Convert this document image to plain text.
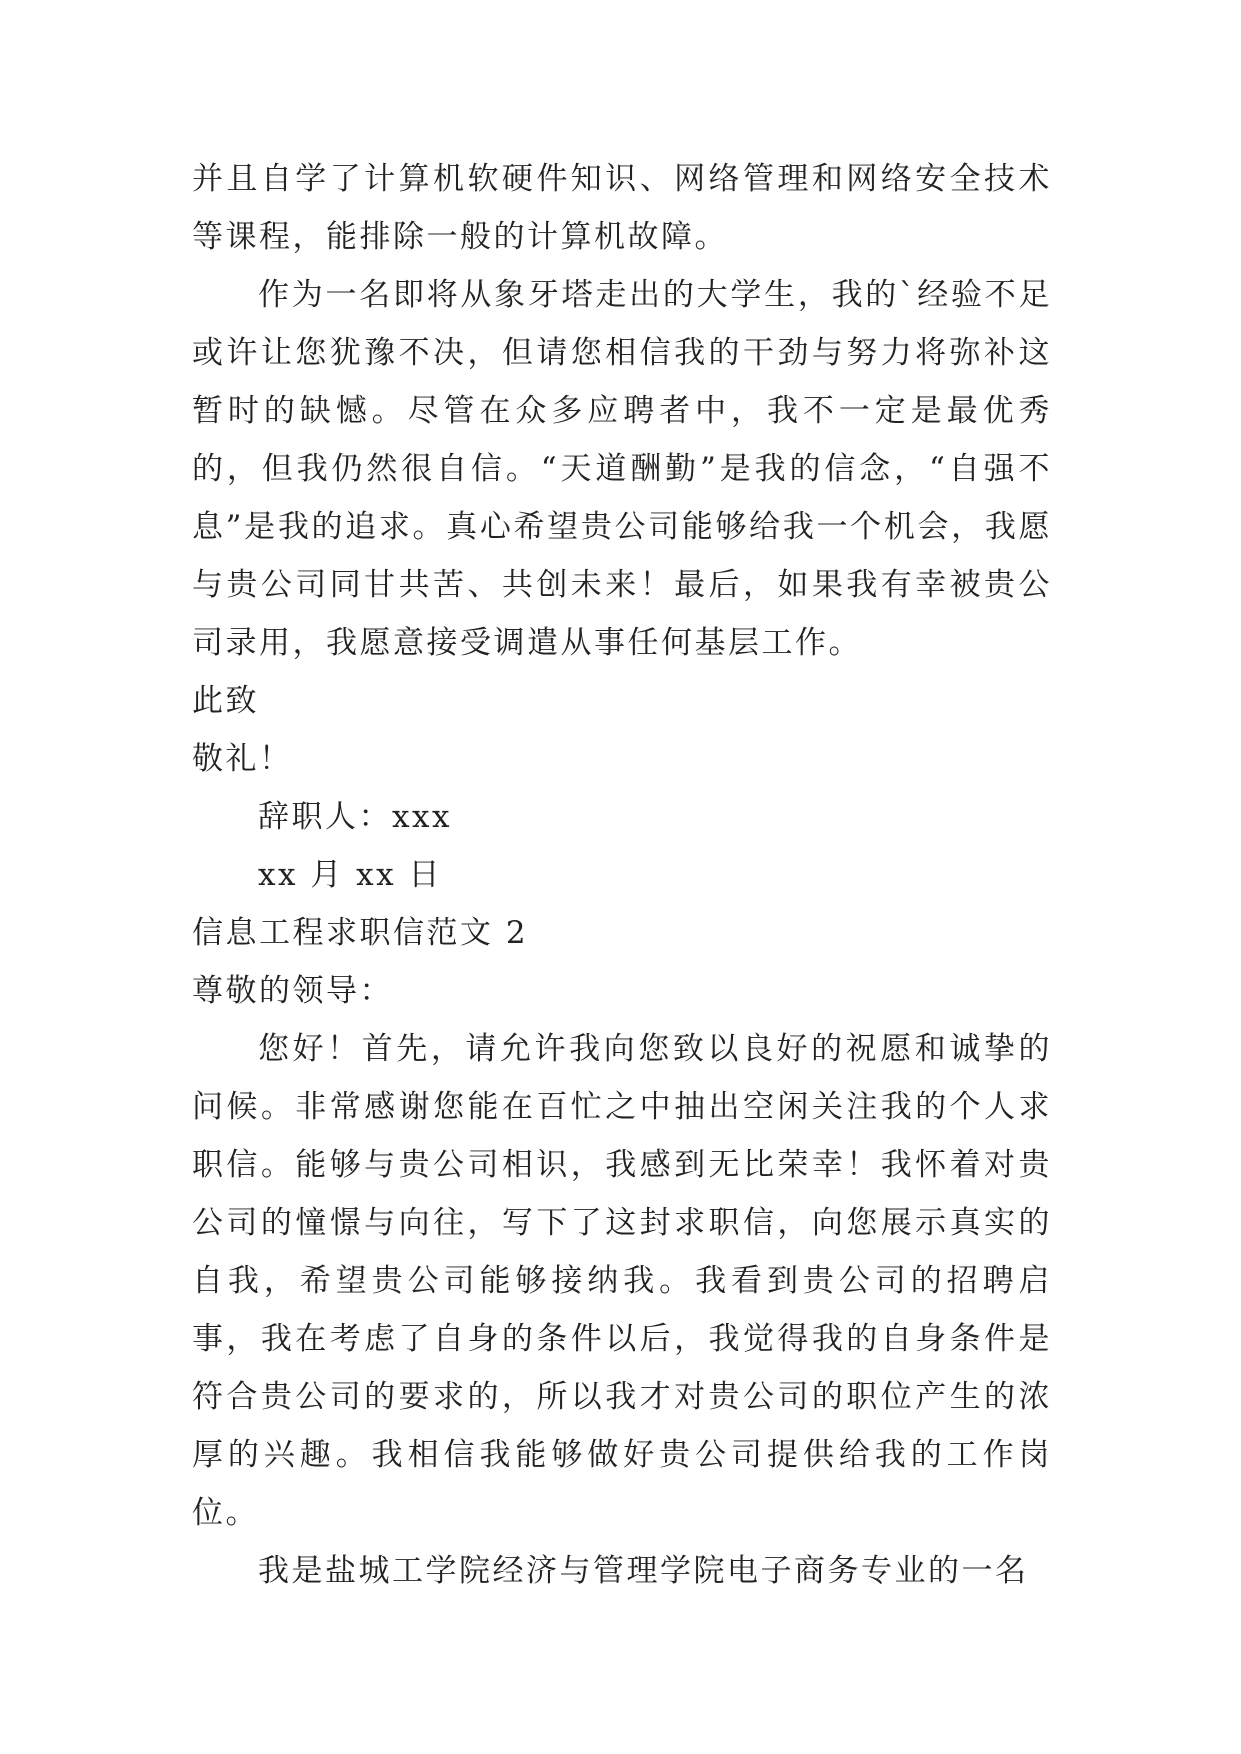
并且自学了计算机软硬件知识、网络管理和网络安全技术等课程，能排除一般的计算机故障。

作为一名即将从象牙塔走出的大学生，我的`经验不足或许让您犹豫不决，但请您相信我的干劲与努力将弥补这暂时的缺憾。尽管在众多应聘者中，我不一定是最优秀的，但我仍然很自信。“天道酬勤”是我的信念，“自强不息”是我的追求。真心希望贵公司能够给我一个机会，我愿与贵公司同甘共苦、共创未来！最后，如果我有幸被贵公司录用，我愿意接受调遣从事任何基层工作。

此致

敬礼！

辞职人：xxx

xx 月 xx 日

信息工程求职信范文 2

尊敬的领导：

您好！首先，请允许我向您致以良好的祝愿和诚挚的问候。非常感谢您能在百忙之中抽出空闲关注我的个人求职信。能够与贵公司相识，我感到无比荣幸！我怀着对贵公司的憧憬与向往，写下了这封求职信，向您展示真实的自我，希望贵公司能够接纳我。我看到贵公司的招聘启事，我在考虑了自身的条件以后，我觉得我的自身条件是符合贵公司的要求的，所以我才对贵公司的职位产生的浓厚的兴趣。我相信我能够做好贵公司提供给我的工作岗位。

我是盐城工学院经济与管理学院电子商务专业的一名
